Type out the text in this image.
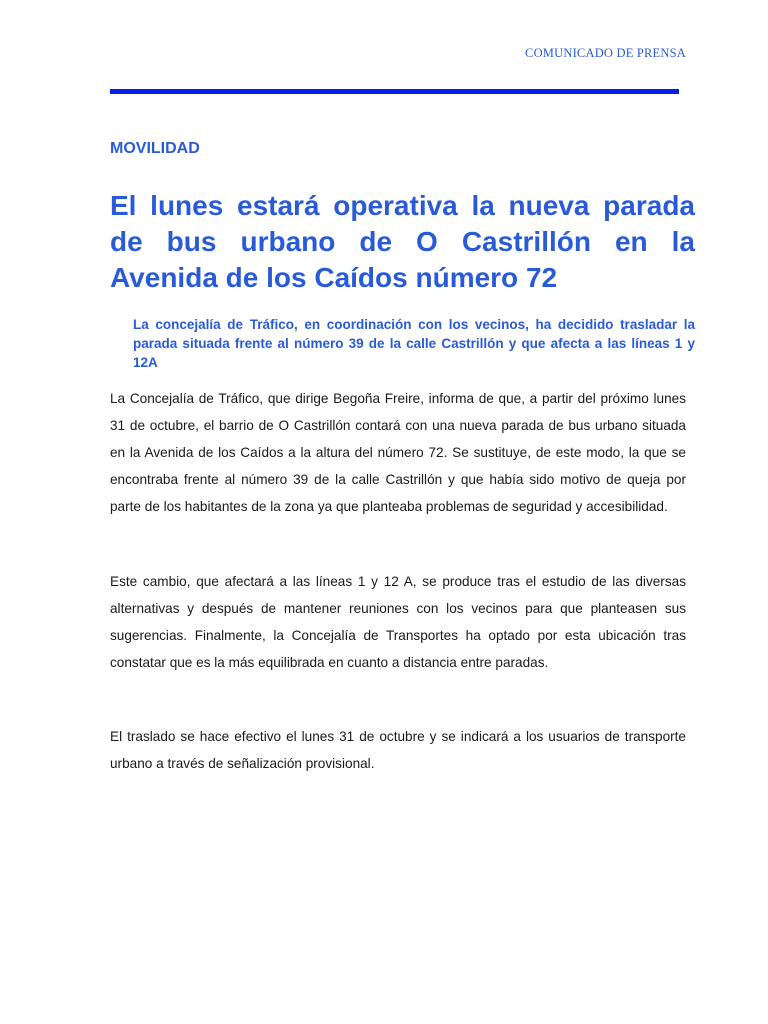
COMUNICADO DE PRENSA
MOVILIDAD
El lunes estará operativa la nueva parada de bus urbano de O Castrillón en la Avenida de los Caídos número 72

La concejalía de Tráfico, en coordinación con los vecinos, ha decidido trasladar la parada situada frente al número 39 de la calle Castrillón y que afecta a las líneas 1 y 12A

La Concejalía de Tráfico, que dirige Begoña Freire, informa de que, a partir del próximo lunes 31 de octubre, el barrio de O Castrillón contará con una nueva parada de bus urbano situada en la Avenida de los Caídos a la altura del número 72. Se sustituye, de este modo, la que se encontraba frente al número 39 de la calle Castrillón y que había sido motivo de queja por parte de los habitantes de la zona ya que planteaba problemas de seguridad y accesibilidad.

Este cambio, que afectará a las líneas 1 y 12 A, se produce tras el estudio de las diversas alternativas y después de mantener reuniones con los vecinos para que planteasen sus sugerencias. Finalmente, la Concejalía de Transportes ha optado por esta ubicación tras constatar que es la más equilibrada en cuanto a distancia entre paradas.

El traslado se hace efectivo el lunes 31 de octubre y se indicará a los usuarios de transporte urbano a través de señalización provisional.
